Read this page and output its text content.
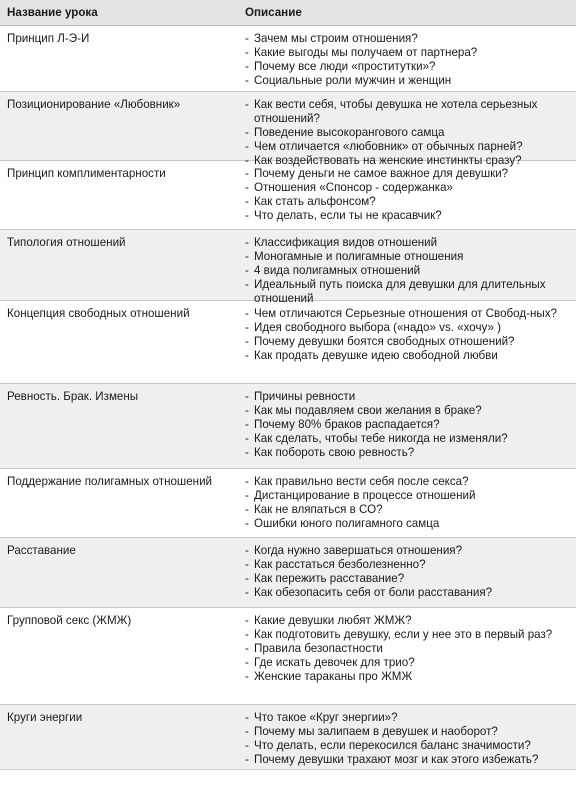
Название урока	Описание
Принцип Л-Э-И	- Зачем мы строим отношения?
- Какие выгоды мы получаем от партнера?
- Почему все люди «проститутки»?
- Социальные роли мужчин и женщин
Позиционирование «Любовник»	- Как вести себя, чтобы девушка не хотела серьезных отношений?
- Поведение высокорангового самца
- Чем отличается «любовник» от обычных парней?
- Как воздействовать на женские инстинкты сразу?
Принцип комплиментарности	- Почему деньги не самое важное для девушки?
- Отношения «Спонсор - содержанка»
- Как стать альфонсом?
- Что делать, если ты не красавчик?
Типология отношений	- Классификация видов отношений
- Моногамные и полигамные отношения
- 4 вида полигамных отношений
- Идеальный путь поиска для девушки для длительных отношений
Концепция свободных отношений	- Чем отличаются Серьезные отношения от Свобод-ных?
- Идея свободного выбора («надо» vs. «хочу» )
- Почему девушки боятся свободных отношений?
- Как продать девушке идею свободной любви
Ревность. Брак. Измены	- Причины ревности
- Как мы подавляем свои желания в браке?
- Почему 80% браков распадается?
- Как сделать, чтобы тебе никогда не изменяли?
- Как побороть свою ревность?
Поддержание полигамных отношений	- Как правильно вести себя после секса?
- Дистанцирование в процессе отношений
- Как не вляпаться в СО?
- Ошибки юного полигамного самца
Расставание	- Когда нужно завершаться отношения?
- Как расстаться безболезненно?
- Как пережить расставание?
- Как обезопасить себя от боли расставания?
Групповой секс (ЖМЖ)	- Какие девушки любят ЖМЖ?
- Как подготовить девушку, если у нее это в первый раз?
- Правила безопастности
- Где искать девочек для трио?
- Женские тараканы про ЖМЖ
Круги энергии	- Что такое «Круг энергии»?
- Почему мы залипаем в девушек и наоборот?
- Что делать, если перекосился баланс значимости?
- Почему девушки трахают мозг и как этого избежать?
